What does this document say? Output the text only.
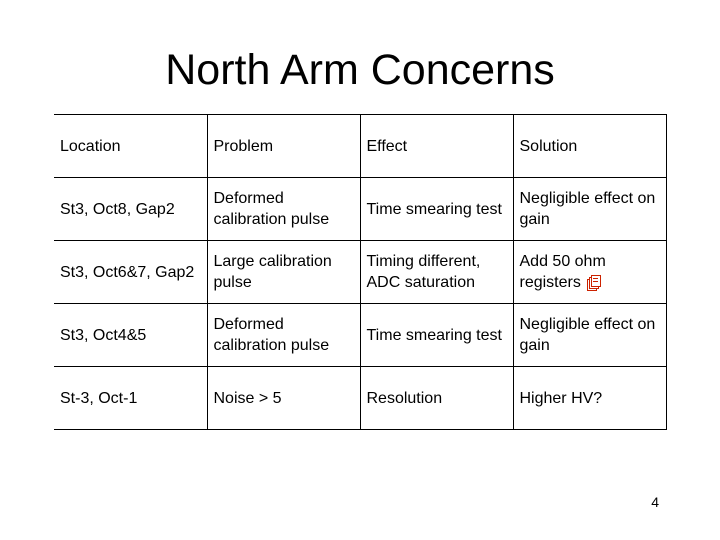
North Arm Concerns
Location	Problem	Effect	Solution
St3, Oct8, Gap2	Deformed calibration pulse	Time smearing test	Negligible effect on gain
St3, Oct6&7, Gap2	Large calibration pulse	Timing different, ADC saturation	Add 50 ohm registers

St3, Oct4&5	Deformed calibration pulse	Time smearing test	Negligible effect on gain
St-3, Oct-1	Noise > 5	Resolution	Higher HV?
4
